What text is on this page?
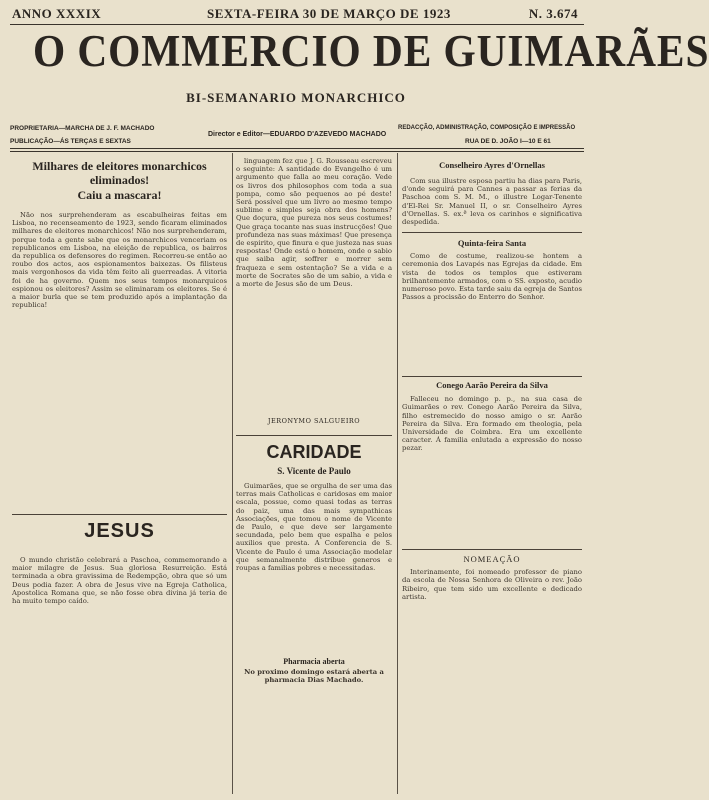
ANNO XXXIX	SEXTA-FEIRA 30 DE MARÇO DE 1923	N. 3.674
O COMMERCIO DE GUIMARÃES
BI-SEMANARIO MONARCHICO
PROPRIETARIA—MARCHA DE J. F. MACHADO
Director e Editor—EDUARDO D'AZEVEDO MACHADO
REDACÇÃO, ADMINISTRAÇÃO, COMPOSIÇÃO E IMPRESSÃO
PUBLICAÇÃO—ÁS TERÇAS E SEXTAS	RUA DE D. JOÃO I—10 E 61
Milhares de eleitores monarchicos eliminados!
Caiu a mascara!

Não nos surprehenderam as escabulheiras feitas em Lisboa, no recenseamento de 1923, sendo ficaram eliminados milhares de eleitores monarchicos! Não nos surprehenderam, porque toda a gente sabe que os monarchicos venceriam os republicanos em Lisboa, na eleição de republica, os bairros da republica os defensores do regimen. Recorreu-se então ao roubo dos actos, aos espionamentos baixezas. Os filisteus mais vergonhosos da vida têm feito ali guerreadas. A vitoria foi de ha governo. Quem nos seus tempos monarquicos espionou os eleitores? Assim se eliminaram os eleitores. Se é a maior burla que se tem produzido após a implantação da republica!

JESUS

O mundo christão celebrará a Paschoa, commemorando a maior milagre de Jesus. Sua gloriosa Resurreição. Está terminada a obra gravissima de Redempção, obra que só um Deus podia fazer. A obra de Jesus vive na Egreja Catholica, Apostolica Romana que, se não fosse obra divina já teria de ha muito tempo caído.

linguagem fez que J. G. Rousseau escreveu o seguinte: A santidade do Evangelho é um argumento que falla ao meu coração. Vede os livros dos philosophos com toda a sua pompa, como são pequenos ao pé deste! Será possível que um livro ao mesmo tempo sublime e simples seja obra dos homens? Que doçura, que pureza nos seus costumes! Que graça tocante nas suas instrucções! Que profundeza nas suas máximas! Que presença de espirito, que finura e que justeza nas suas respostas! Onde está o homem, onde o sabio que saiba agir, soffrer e morrer sem fraqueza e sem ostentação? Se a vida e a morte de Socrates são de um sabio, a vida e a morte de Jesus são de um Deus.

JERONYMO SALGUEIRO
CARIDADE
S. Vicente de Paulo

Guimarães, que se orgulha de ser uma das terras mais Catholicas e caridosas em maior escala, possue, como quasi todas as terras do paiz, uma das mais sympathicas Associações, que tomou o nome de Vicente de Paulo, e que deve ser largamente secundada, pelo bem que espalha e pelos auxilios que presta. A Conferencia de S. Vicente de Paulo é uma Associação modelar que semanalmente distribue generos e roupas a familias pobres e necessitadas.

Pharmacia aberta
No proximo domingo estará aberta a pharmacia Dias Machado.
Conselheiro Ayres d'Ornellas

Com sua illustre esposa partiu ha dias para Paris, d'onde seguirá para Cannes a passar as ferias da Paschoa com S. M. M., o illustre Logar-Tenente d'El-Rei Sr. Manuel II, o sr. Conselheiro Ayres d'Ornellas. S. ex.ª leva os carinhos e significativa despedida.

Quinta-feira Santa

Como de costume, realizou-se hontem a ceremonia dos Lavapés nas Egrejas da cidade. Em vista de todos os templos que estiveram brilhantemente armados, com o SS. exposto, acudio numeroso povo. Esta tarde saiu da egreja de Santos Passos a procissão do Enterro do Senhor.

Conego Aarão Pereira da Silva

Falleceu no domingo p. p., na sua casa de Guimarães o rev. Conego Aarão Pereira da Silva, filho estremecido do nosso amigo o sr. Aarão Pereira da Silva. Era formado em theologia, pela Universidade de Coimbra. Era um excellente caracter. Á familia enlutada a expressão do nosso pezar.

NOMEAÇÃO

Interinamente, foi nomeado professor de piano da escola de Nossa Senhora de Oliveira o rev. João Ribeiro, que tem sido um excellente e dedicado artista.
